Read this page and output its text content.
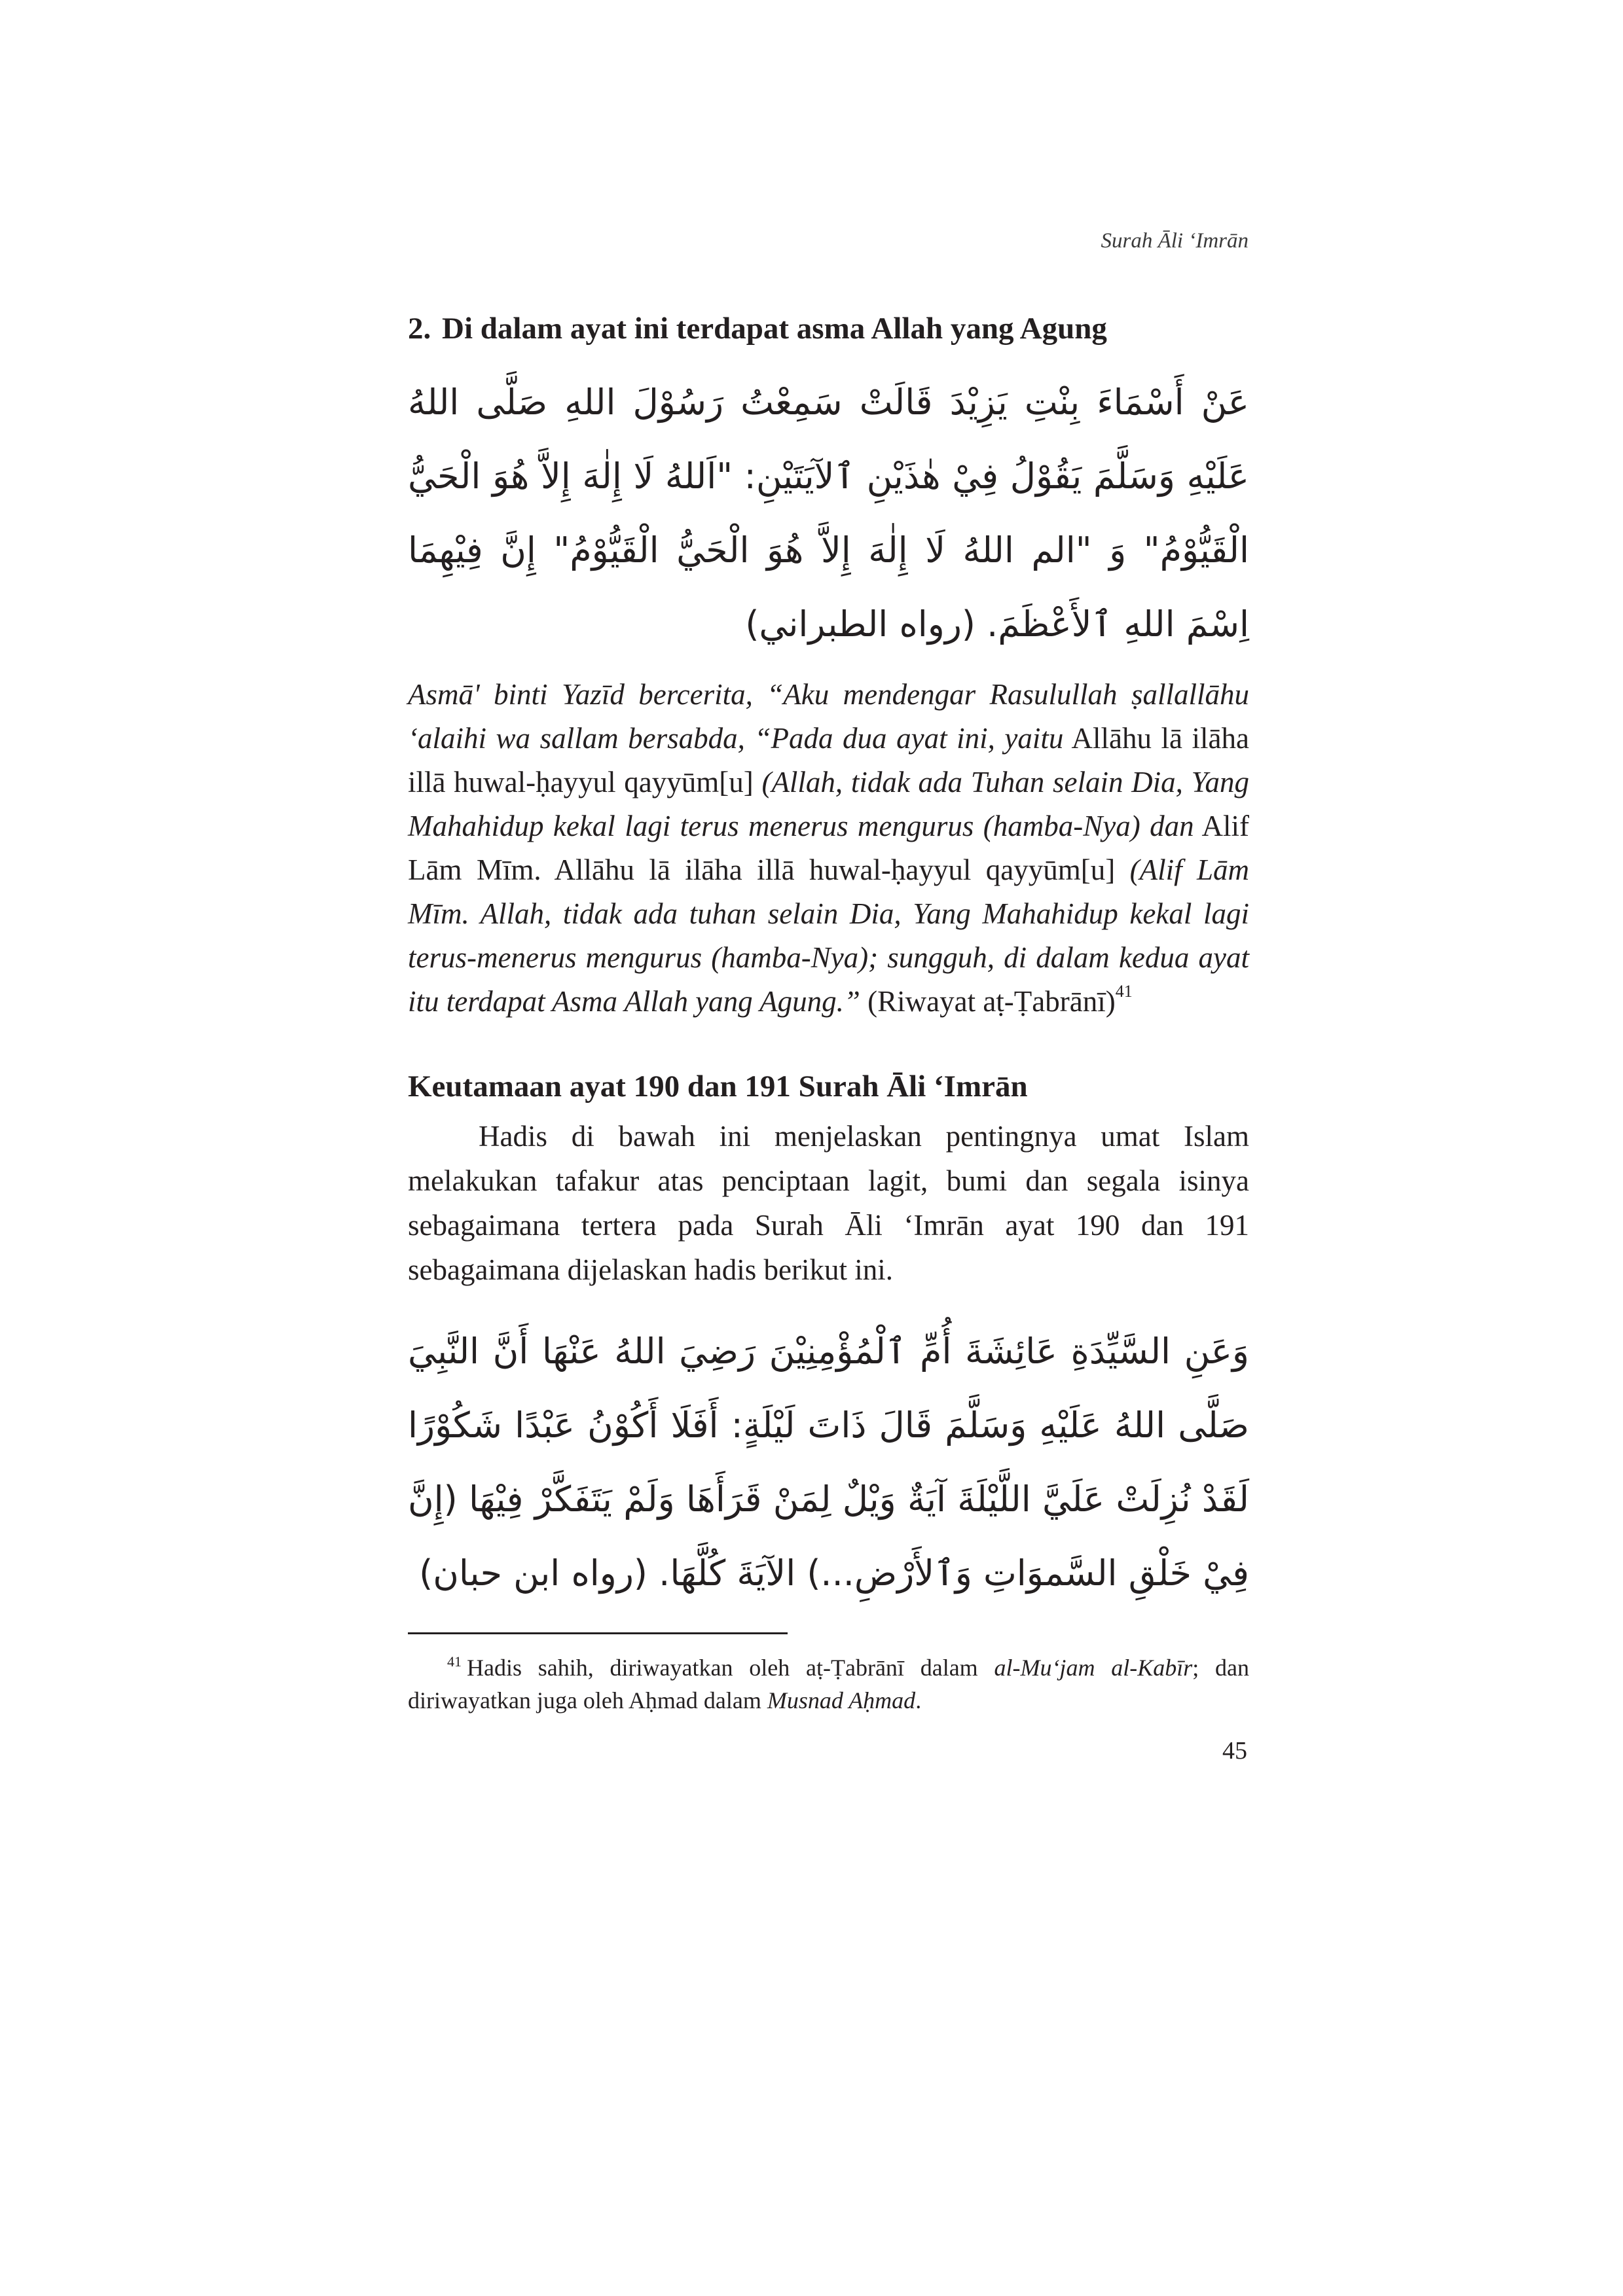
Surah Āli ʻImrān
2. Di dalam ayat ini terdapat asma Allah yang Agung

عَنْ أَسْمَاءَ بِنْتِ يَزِيْدَ قَالَتْ سَمِعْتُ رَسُوْلَ اللهِ صَلَّى اللهُ عَلَيْهِ وَسَلَّمَ يَقُوْلُ فِيْ هٰذَيْنِ ٱلآيَتَيْنِ: "اَللهُ لَا إِلٰهَ إِلاَّ هُوَ الْحَيُّ الْقَيُّوْمُ" وَ "الم اللهُ لَا إِلٰهَ إِلاَّ هُوَ الْحَيُّ الْقَيُّوْمُ" إِنَّ فِيْهِمَا اِسْمَ اللهِ ٱلأَعْظَمَ. (رواه الطبراني)

Asmā' binti Yazīd bercerita, “Aku mendengar Rasulullah ṣallallāhu ‘alaihi wa sallam bersabda, “Pada dua ayat ini, yaitu Allāhu lā ilāha illā huwal-ḥayyul qayyūm[u] (Allah, tidak ada Tuhan selain Dia, Yang Mahahidup kekal lagi terus menerus mengurus (hamba-Nya) dan Alif Lām Mīm. Allāhu lā ilāha illā huwal-ḥayyul qayyūm[u] (Alif Lām Mīm. Allah, tidak ada tuhan selain Dia, Yang Mahahidup kekal lagi terus-menerus mengurus (hamba-Nya); sungguh, di dalam kedua ayat itu terdapat Asma Allah yang Agung.” (Riwayat aṭ-Ṭabrānī)$^{41}$

Keutamaan ayat 190 dan 191 Surah Āli ‘Imrān

Hadis di bawah ini menjelaskan pentingnya umat Islam melakukan tafakur atas penciptaan lagit, bumi dan segala isinya sebagaimana tertera pada Surah Āli ‘Imrān ayat 190 dan 191 sebagaimana dijelaskan hadis berikut ini.

وَعَنِ السَّيِّدَةِ عَائِشَةَ أُمِّ ٱلْمُؤْمِنِيْنَ رَضِيَ اللهُ عَنْهَا أَنَّ النَّبِيَ صَلَّى اللهُ عَلَيْهِ وَسَلَّمَ قَالَ ذَاتَ لَيْلَةٍ: أَفَلَا أَكُوْنُ عَبْدًا شَكُوْرًا لَقَدْ نُزِلَتْ عَلَيَّ اللَّيْلَةَ آيَةٌ وَيْلٌ لِمَنْ قَرَأَهَا وَلَمْ يَتَفَكَّرْ فِيْهَا (إِنَّ فِيْ خَلْقِ السَّموَاتِ وَٱلأَرْضِ...) الآيَةَ كُلَّهَا. (رواه ابن حبان)

$^{41}$ Hadis sahih, diriwayatkan oleh aṭ-Ṭabrānī dalam al-Mu‘jam al-Kabīr; dan diriwayatkan juga oleh Aḥmad dalam Musnad Aḥmad.

45
